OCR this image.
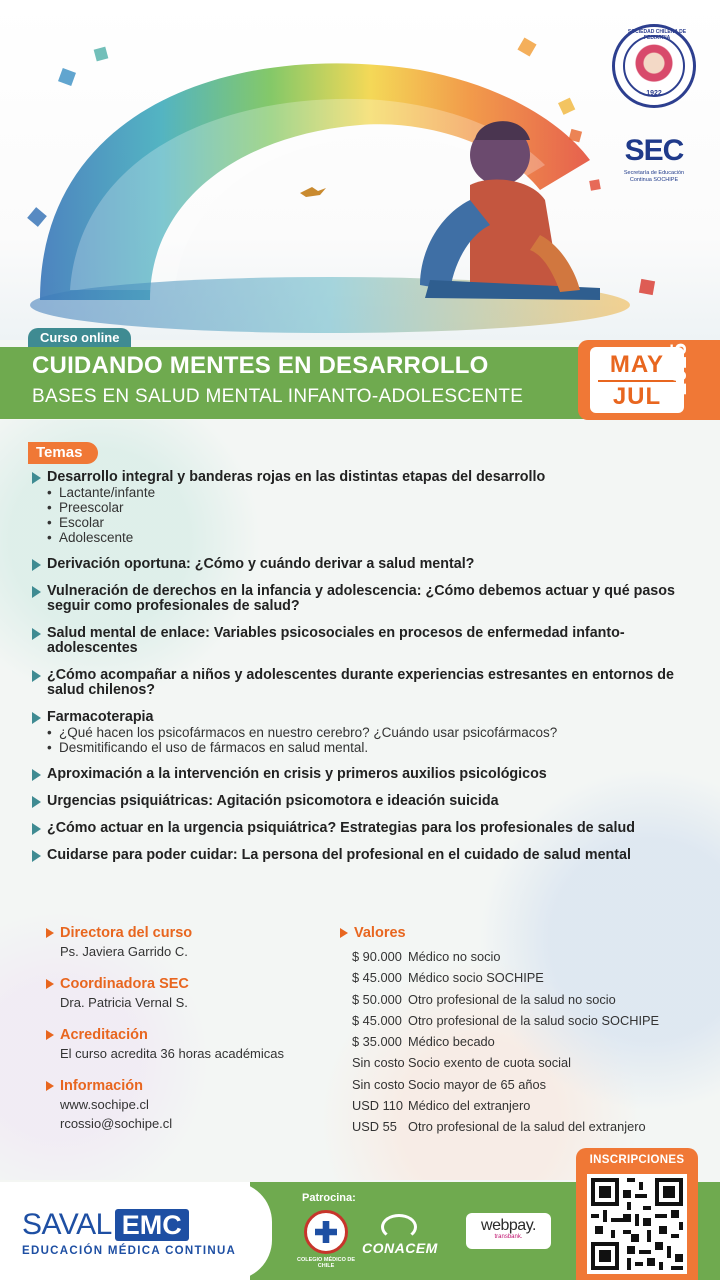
1922
SOCIEDAD CHILENA DE PEDIATRIA
SEC
Secretaría de Educación Continua SOCHIPE
Curso online
CUIDANDO MENTES EN DESARROLLO
BASES EN SALUD MENTAL INFANTO-ADOLESCENTE
MAY
JUL
2025
Temas
Desarrollo integral y banderas rojas en las distintas etapas del desarrollo
• Lactante/infante
• Preescolar
• Escolar
• Adolescente
Derivación oportuna: ¿Cómo y cuándo derivar a salud mental?
Vulneración de derechos en la infancia y adolescencia: ¿Cómo debemos actuar y qué pasos seguir como profesionales de salud?
Salud mental de enlace: Variables psicosociales en procesos de enfermedad infanto-adolescentes
¿Cómo acompañar a niños y adolescentes durante experiencias estresantes en entornos de salud chilenos?
Farmacoterapia
• ¿Qué hacen los psicofármacos en nuestro cerebro? ¿Cuándo usar psicofármacos?
• Desmitificando el uso de fármacos en salud mental.
Aproximación a la intervención en crisis y primeros auxilios psicológicos
Urgencias psiquiátricas: Agitación psicomotora e ideación suicida
¿Cómo actuar en la urgencia psiquiátrica? Estrategias para los profesionales de salud
Cuidarse para poder cuidar: La persona del profesional en el cuidado de salud mental
Directora del curso
Ps. Javiera Garrido C.
Coordinadora SEC
Dra. Patricia Vernal S.
Acreditación
El curso acredita 36 horas académicas
Información
www.sochipe.cl
rcossio@sochipe.cl
Valores
$ 90.000 Médico no socio
$ 45.000 Médico socio SOCHIPE
$ 50.000 Otro profesional de la salud no socio
$ 45.000 Otro profesional de la salud socio SOCHIPE
$ 35.000 Médico becado
Sin costo Socio exento de cuota social
Sin costo Socio mayor de 65 años
USD 110 Médico del extranjero
USD 55 Otro profesional de la salud del extranjero
SAVAL EMC
EDUCACIÓN MÉDICA CONTINUA
Patrocina:
COLEGIO MÉDICO DE CHILE
CONACEM
webpay.
transbank.
INSCRIPCIONES
